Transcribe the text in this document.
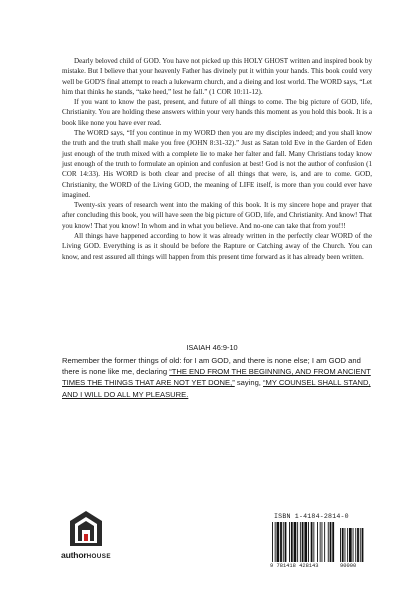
Dearly beloved child of GOD. You have not picked up this HOLY GHOST written and inspired book by mistake. But I believe that your heavenly Father has divinely put it within your hands. This book could very well be GOD'S final attempt to reach a lukewarm church, and a dieing and lost world. The WORD says, “Let him that thinks he stands, “take heed,” lest he fall.” (1 COR 10:11-12).

If you want to know the past, present, and future of all things to come. The big picture of GOD, life, Christianity. You are holding these answers within your very hands this moment as you hold this book. It is a book like none you have ever read.

The WORD says, “If you continue in my WORD then you are my disciples indeed; and you shall know the truth and the truth shall make you free (JOHN 8:31-32).” Just as Satan told Eve in the Garden of Eden just enough of the truth mixed with a complete lie to make her falter and fall. Many Christians today know just enough of the truth to formulate an opinion and confusion at best! God is not the author of confusion (1 COR 14:33). His WORD is both clear and precise of all things that were, is, and are to come. GOD, Christianity, the WORD of the Living GOD, the meaning of LIFE itself, is more than you could ever have imagined.

Twenty-six years of research went into the making of this book. It is my sincere hope and prayer that after concluding this book, you will have seen the big picture of GOD, life, and Christianity. And know! That you know! That you know! In whom and in what you believe. And no-one can take that from you!!!

All things have happened according to how it was already written in the perfectly clear WORD of the Living GOD. Everything is as it should be before the Rapture or Catching away of the Church. You can know, and rest assured all things will happen from this present time forward as it has already been written.

ISAIAH 46:9-10
Remember the former things of old: for I am GOD, and there is none else; I am GOD and there is none like me, declaring “THE END FROM THE BEGINNING, AND FROM ANCIENT TIMES THE THINGS THAT ARE NOT YET DONE,” saying, “MY COUNSEL SHALL STAND, AND I WILL DO ALL MY PLEASURE.
authorHOUSE
ISBN 1-4184-2814-0
9 781418 428143	90000
